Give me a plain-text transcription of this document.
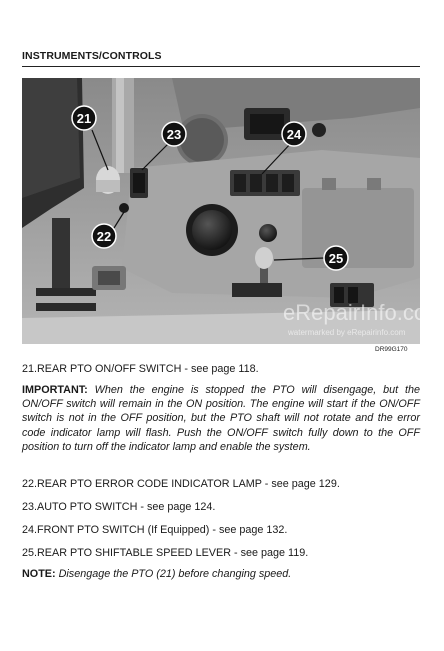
INSTRUMENTS/CONTROLS
21
23	24
22
25
eRepairInfo.com
watermarked by eRepairinfo.com
DR99G170
21.REAR PTO ON/OFF SWITCH - see page 118.
IMPORTANT: When the engine is stopped the PTO will disengage, but the ON/OFF switch will remain in the ON position. The engine will start if the ON/OFF switch is not in the OFF position, but the PTO shaft will not rotate and the error code indicator lamp will flash. Push the ON/OFF switch fully down to the OFF position to turn off the indicator lamp and enable the system.
22.REAR PTO ERROR CODE INDICATOR LAMP - see page 129.
23.AUTO PTO SWITCH - see page 124.
24.FRONT PTO SWITCH (If Equipped) - see page 132.
25.REAR PTO SHIFTABLE SPEED LEVER - see page 119.
NOTE: Disengage the PTO (21) before changing speed.
